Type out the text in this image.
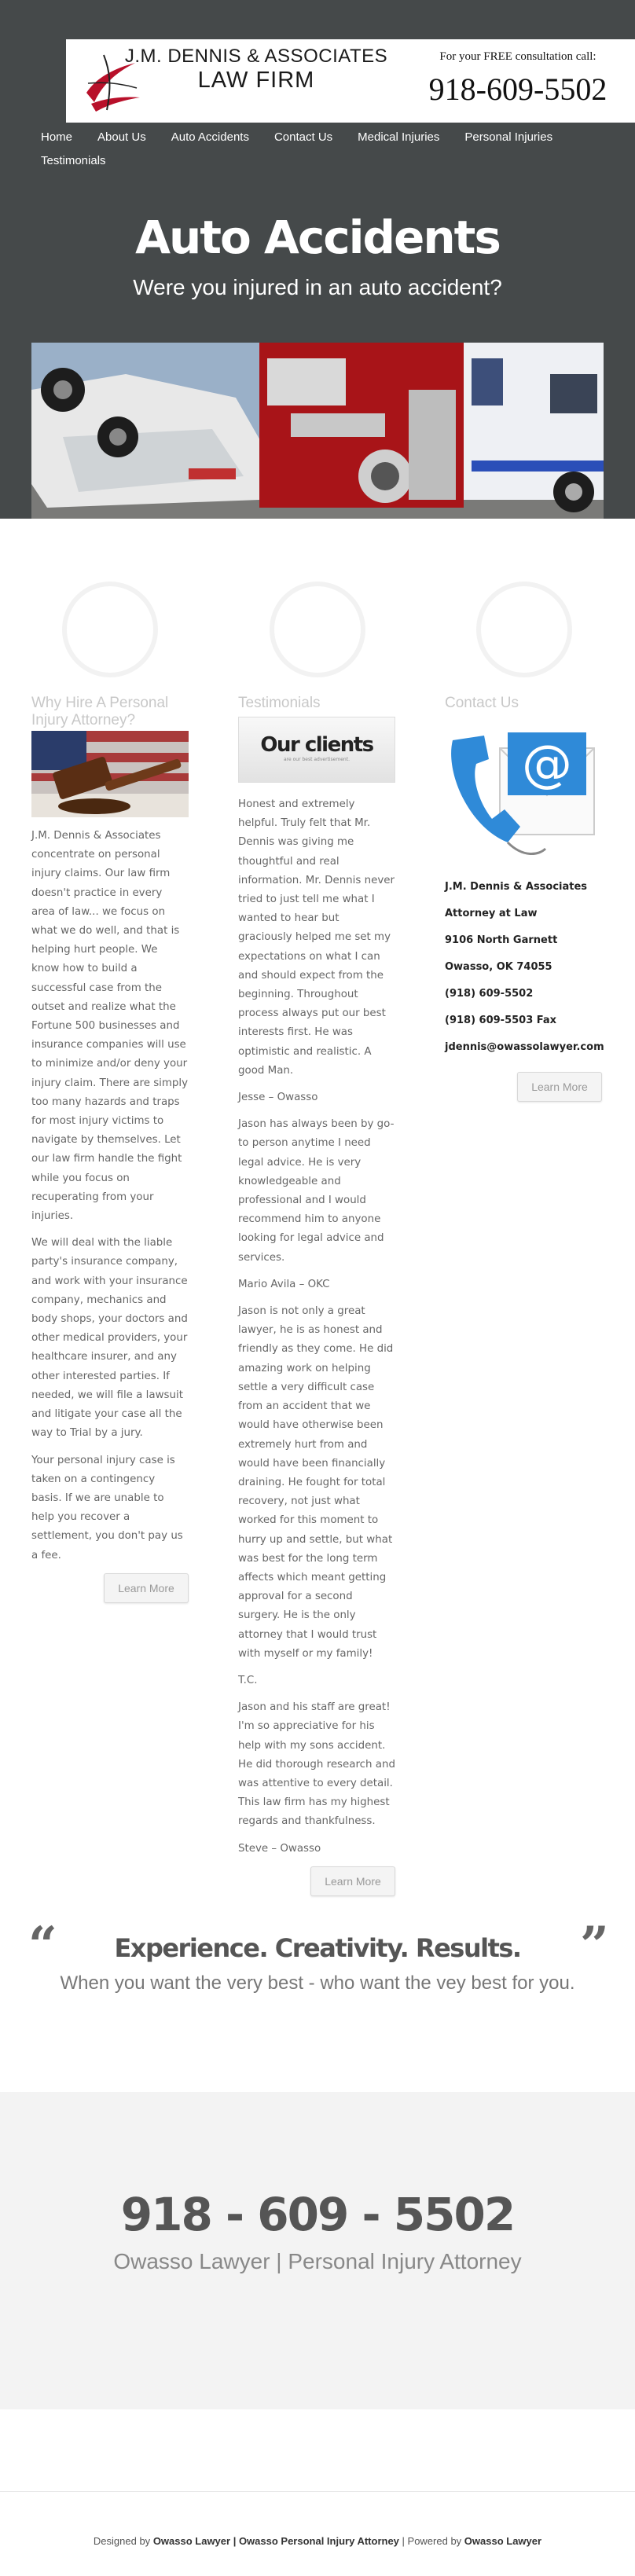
J.M. DENNIS & ASSOCIATES
LAW FIRM
For your FREE consultation call:
918-609-5502
Home About Us Auto Accidents Contact Us Medical Injuries Personal Injuries
Testimonials
Auto Accidents
Were you injured in an auto accident?
Why Hire A Personal Injury Attorney?

J.M. Dennis & Associates concentrate on personal injury claims. Our law firm doesn't practice in every area of law... we focus on what we do well, and that is helping hurt people. We know how to build a successful case from the outset and realize what the Fortune 500 businesses and insurance companies will use to minimize and/or deny your injury claim. There are simply too many hazards and traps for most injury victims to navigate by themselves. Let our law firm handle the fight while you focus on recuperating from your injuries.

We will deal with the liable party's insurance company, and work with your insurance company, mechanics and body shops, your doctors and other medical providers, your healthcare insurer, and any other interested parties. If needed, we will file a lawsuit and litigate your case all the way to Trial by a jury.

Your personal injury case is taken on a contingency basis. If we are unable to help you recover a settlement, you don't pay us a fee.

Learn More
Testimonials
Our clients
are our best advertisement.

Honest and extremely helpful. Truly felt that Mr. Dennis was giving me thoughtful and real information. Mr. Dennis never tried to just tell me what I wanted to hear but graciously helped me set my expectations on what I can and should expect from the beginning. Throughout process always put our best interests first. He was optimistic and realistic. A good Man.

Jesse – Owasso

Jason has always been by go-to person anytime I need legal advice. He is very knowledgeable and professional and I would recommend him to anyone looking for legal advice and services.

Mario Avila – OKC

Jason is not only a great lawyer, he is as honest and friendly as they come. He did amazing work on helping settle a very difficult case from an accident that we would have otherwise been extremely hurt from and would have been financially draining. He fought for total recovery, not just what worked for this moment to hurry up and settle, but what was best for the long term affects which meant getting approval for a second surgery. He is the only attorney that I would trust with myself or my family!

T.C.

Jason and his staff are great! I'm so appreciative for his help with my sons accident. He did thorough research and was attentive to every detail. This law firm has my highest regards and thankfulness.

Steve – Owasso

Learn More
Contact Us
@
J.M. Dennis & Associates
Attorney at Law
9106 North Garnett
Owasso, OK 74055
(918) 609-5502
(918) 609-5503 Fax
jdennis@owassolawyer.com
Learn More
“	”
Experience. Creativity. Results.
When you want the very best - who want the vey best for you.
918 - 609 - 5502
Owasso Lawyer | Personal Injury Attorney
Designed by Owasso Lawyer | Owasso Personal Injury Attorney | Powered by Owasso Lawyer
